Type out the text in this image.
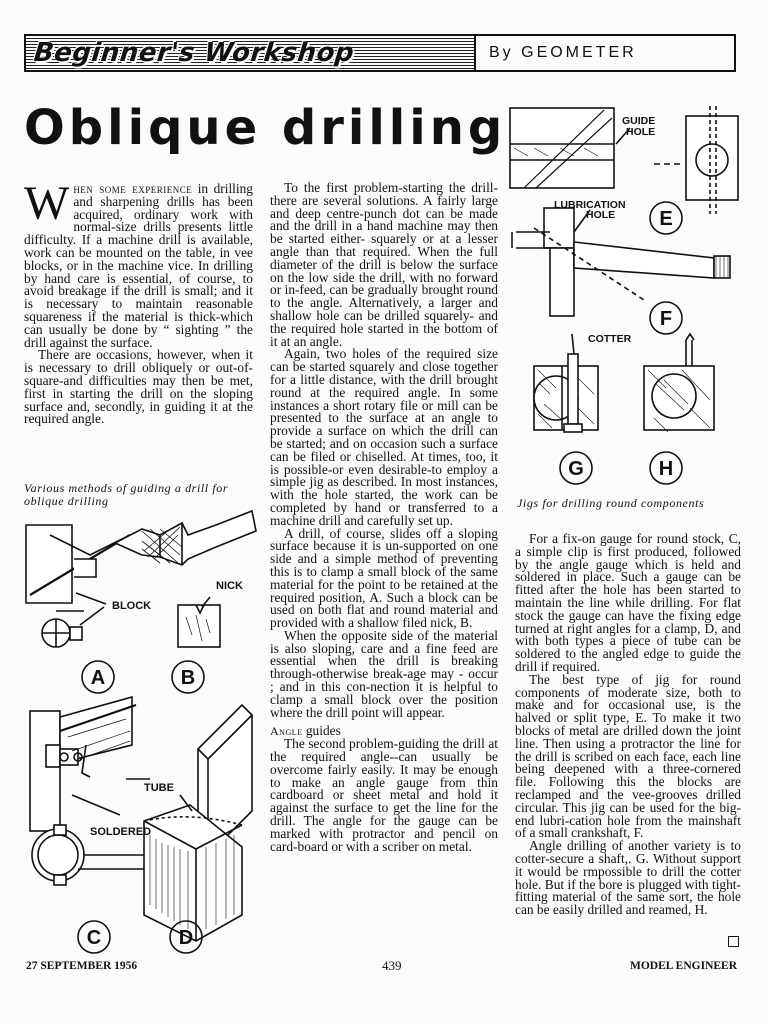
Beginner's Workshop	By GEOMETER
Oblique drilling

When some experience in drilling and sharpening drills has been acquired, ordinary work with normal-size drills presents little difficulty. If a machine drill is available, work can be mounted on the table, in vee blocks, or in the machine vice. In drilling by hand care is essential, of course, to avoid breakage if the drill is small; and it is necessary to maintain reasonable squareness if the material is thick-which can usually be done by “ sighting ” the drill against the surface.

There are occasions, however, when it is necessary to drill obliquely or out-of-square-and difficulties may then be met, first in starting the drill on the sloping surface and, secondly, in guiding it at the required angle.

Various methods of guiding a drill for oblique drilling

To the first problem-starting the drill-there are several solutions. A fairly large and deep centre-punch dot can be made and the drill in a hand machine may then be started either- squarely or at a lesser angle than that required. When the full diameter of the drill is below the surface on the low side the drill, with no forward or in-feed, can be gradually brought round to the angle. Alternatively, a larger and shallow hole can be drilled squarely- and the required hole started in the bottom of it at an angle.

Again, two holes of the required size can be started squarely and close together for a little distance, with the drill brought round at the required angle. In some instances a short rotary file or mill can be presented to the surface at an angle to provide a surface on which the drill can be started; and on occasion such a surface can be filed or chiselled. At times, too, it is possible-or even desirable-to employ a simple jig as described. In most instances, with the hole started, the work can be completed by hand or transferred to a machine drill and carefully set up.

A drill, of course, slides off a sloping surface because it is un-supported on one side and a simple method of preventing this is to clamp a small block of the same material for the point to be retained at the required position, A. Such a block can be used on both flat and round material and provided with a shallow filed nick, B.

When the opposite side of the material is also sloping, care and a fine feed are essential when the drill is breaking through-otherwise break-age may - occur ; and in this con-nection it is helpful to clamp a small block over the position where the drill point will appear.

Angle guides

The second problem-guiding the drill at the required angle--can usually be overcome fairly easily. It may be enough to make an angle gauge from thin cardboard or sheet metal and hold it against the surface to get the line for the drill. The angle for the gauge can be marked with protractor and pencil on card-board or with a scriber on metal.

Jigs for drilling round components

For a fix-on gauge for round stock, C, a simple clip is first produced, followed by the angle gauge which is held and soldered in place. Such a gauge can be fitted after the hole has been started to maintain the line while drilling. For flat stock the gauge can have the fixing edge turned at right angles for a clamp, D, and with both types a piece of tube can be soldered to the angled edge to guide the drill if required.

The best type of jig for round components of moderate size, both to make and for occasional use, is the halved or split type, E. To make it two blocks of metal are drilled down the joint line. Then using a protractor the line for the drill is scribed on each face, each line being deepened with a three-cornered file. Following this the blocks are reclamped and the vee-grooves drilled circular. This jig can be used for the big-end lubri-cation hole from the mainshaft of a small crankshaft, F.

Angle drilling of another variety is to cotter-secure a shaft,. G. Without support it would be rmpossible to drill the cotter hole. But if the bore is plugged with tight-fitting material of the same sort, the hole can be easily drilled and reamed, H.

A	B
C	D
BLOCK
NICK
TUBE
SOLDERED
E
F
G	H
GUIDE
HOLE
LUBRICATION
HOLE
COTTER
27 SEPTEMBER 1956	439	MODEL ENGINEER
